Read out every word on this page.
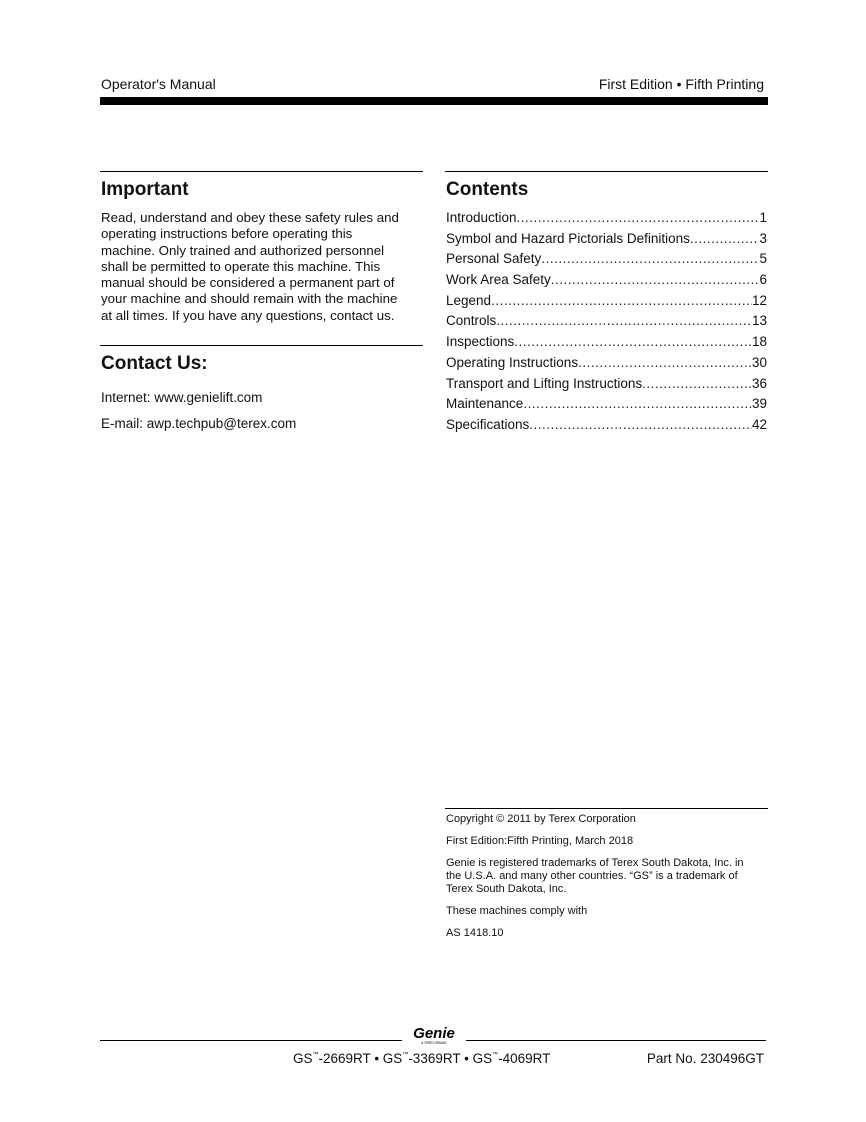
Operator's Manual	First Edition • Fifth Printing
Important

Read, understand and obey these safety rules and

operating instructions before operating this

machine. Only trained and authorized personnel

shall be permitted to operate this machine. This

manual should be considered a permanent part of

your machine and should remain with the machine

at all times. If you have any questions, contact us.

Contact Us:

Internet: www.genielift.com

E-mail: awp.techpub@terex.com

Contents
Introduction .....	1
Symbol and Hazard Pictorials Definitions .....	3
Personal Safety .....	5
Work Area Safety .....	6
Legend .....	12
Controls .....	13
Inspections .....	18
Operating Instructions .....	30
Transport and Lifting Instructions .....	36
Maintenance .....	39
Specifications .....	42

Copyright © 2011 by Terex Corporation

First Edition:Fifth Printing, March 2018

Genie is registered trademarks of Terex South Dakota, Inc. in

the U.S.A. and many other countries. “GS” is a trademark of

Terex South Dakota, Inc.

These machines comply with

AS 1418.10

Genie
A TEREX BRAND
GS™-2669RT • GS™-3369RT • GS™-4069RT	Part No. 230496GT
